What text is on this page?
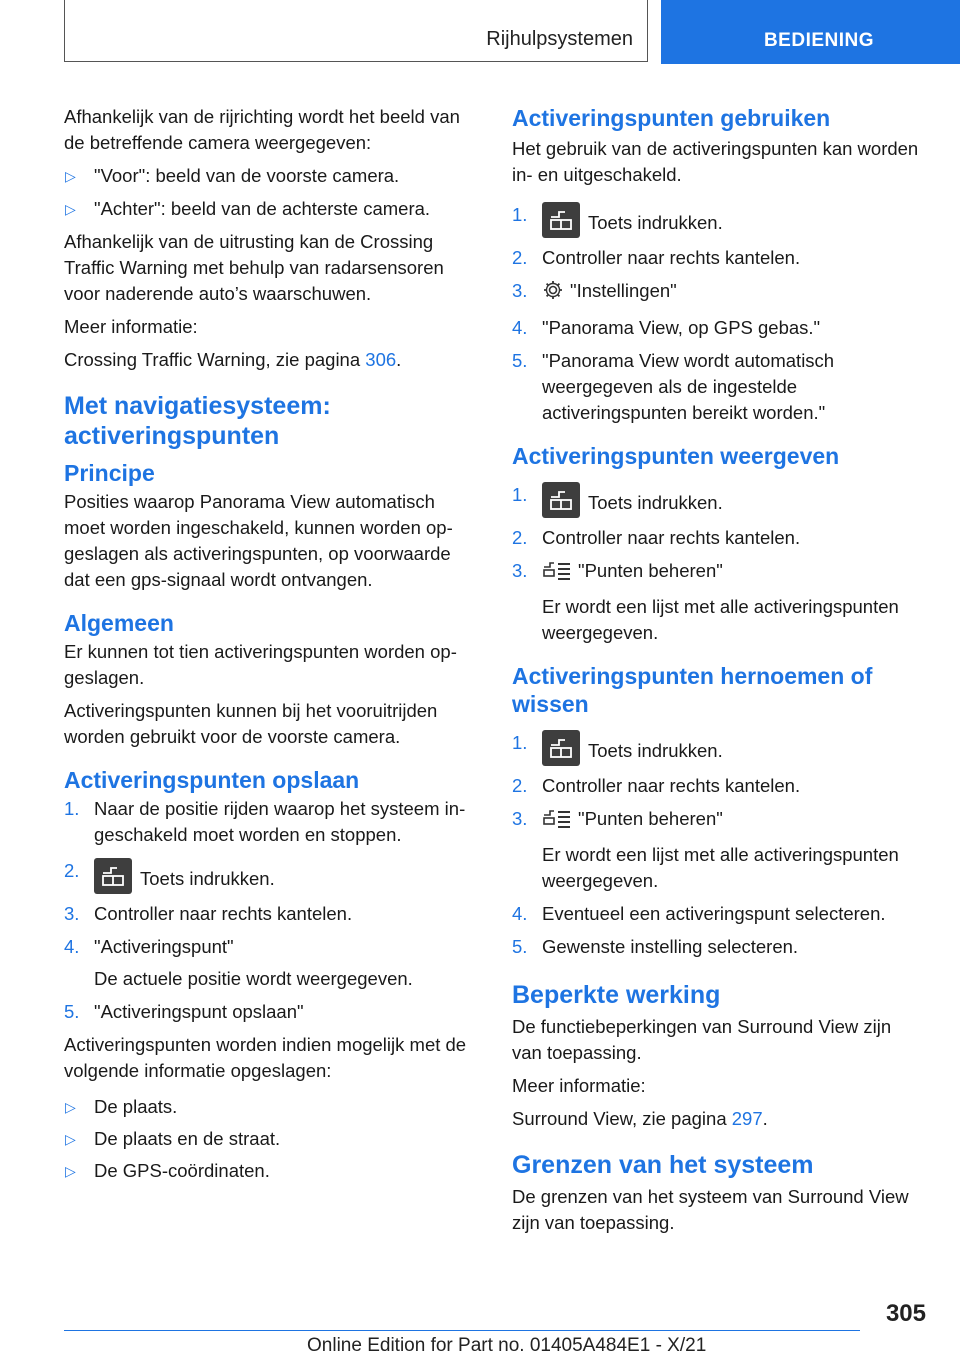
Rijhulpsystemen	BEDIENING

Afhankelijk van de rijrichting wordt het beeld van de betreffende camera weergegeven:

▷ "Voor": beeld van de voorste camera.
▷ "Achter": beeld van de achterste camera.

Afhankelijk van de uitrusting kan de Crossing Traffic Warning met behulp van radarsensoren voor naderende auto’s waarschuwen.

Meer informatie:

Crossing Traffic Warning, zie pagina 306.

Met navigatiesysteem: activeringspunten
Principe

Posities waarop Panorama View automatisch moet worden ingeschakeld, kunnen worden opgeslagen als activeringspunten, op voorwaarde dat een gps-signaal wordt ontvangen.

Algemeen

Er kunnen tot tien activeringspunten worden opgeslagen.

Activeringspunten kunnen bij het vooruitrijden worden gebruikt voor de voorste camera.

Activeringspunten opslaan
1. Naar de positie rijden waarop het systeem ingeschakeld moet worden en stoppen.
2.	Toets indrukken.
3. Controller naar rechts kantelen.
4. "Activeringspunt"
De actuele positie wordt weergegeven.
5. "Activeringspunt opslaan"

Activeringspunten worden indien mogelijk met de volgende informatie opgeslagen:

▷ De plaats.
▷ De plaats en de straat.
▷ De GPS-coördinaten.
Activeringspunten gebruiken

Het gebruik van de activeringspunten kan worden in- en uitgeschakeld.

1.	Toets indrukken.
2. Controller naar rechts kantelen.
3. "Instellingen"
4. "Panorama View, op GPS gebas."
5. "Panorama View wordt automatisch weergegeven als de ingestelde activeringspunten bereikt worden."
Activeringspunten weergeven
1.	Toets indrukken.
2. Controller naar rechts kantelen.
3.	"Punten beheren"
Er wordt een lijst met alle activeringspunten weergegeven.
Activeringspunten hernoemen of wissen
1.	Toets indrukken.
2. Controller naar rechts kantelen.
3.	"Punten beheren"
Er wordt een lijst met alle activeringspunten weergegeven.
4. Eventueel een activeringspunt selecteren.
5. Gewenste instelling selecteren.
Beperkte werking

De functiebeperkingen van Surround View zijn van toepassing.

Meer informatie:

Surround View, zie pagina 297.

Grenzen van het systeem

De grenzen van het systeem van Surround View zijn van toepassing.

305
Online Edition for Part no. 01405A484E1 - X/21
